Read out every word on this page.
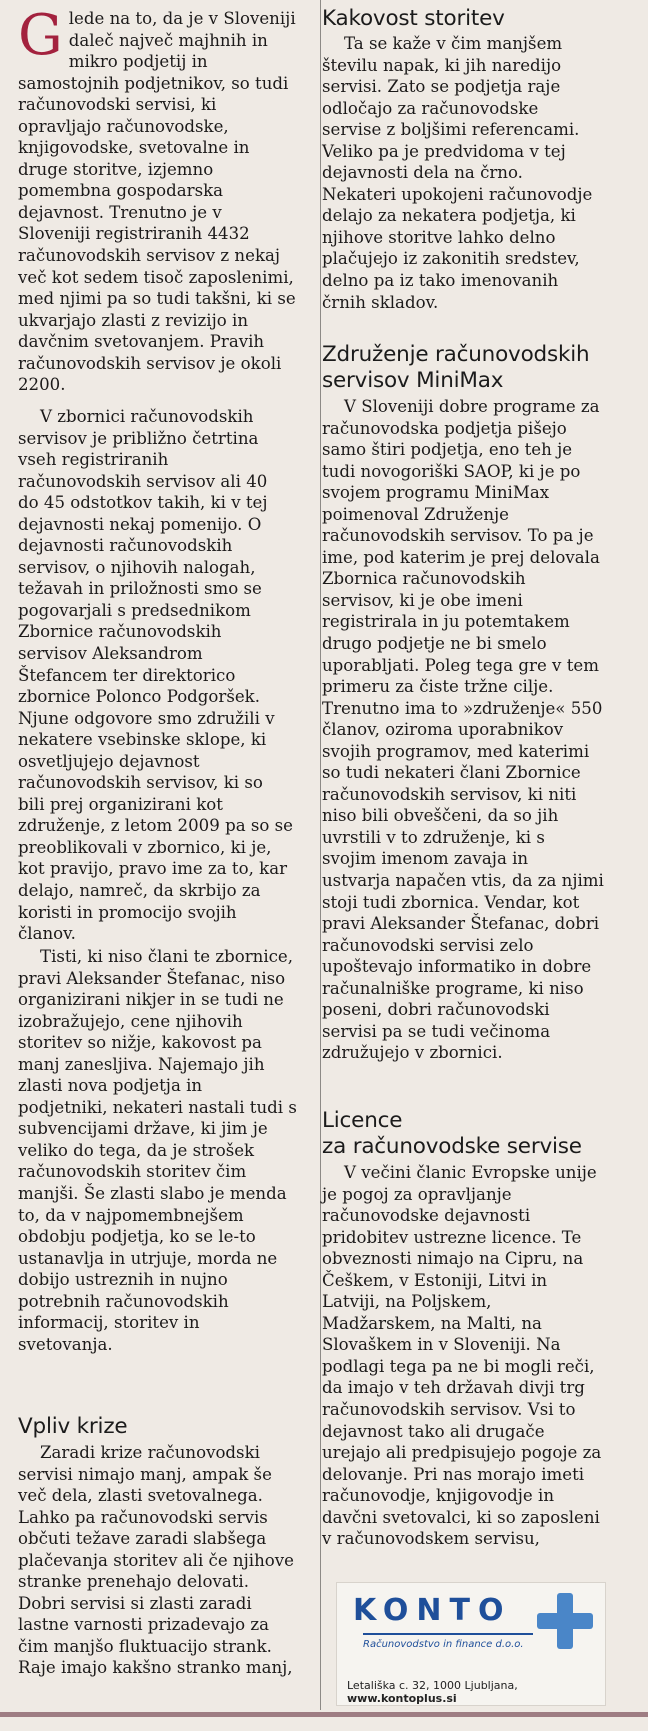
G lede na to, da je v Sloveniji
daleč največ majhnih in
mikro podjetij in
samostojnih podjetnikov, so tudi
računovodski servisi, ki
opravljajo računovodske,
knjigovodske, svetovalne in
druge storitve, izjemno
pomembna gospodarska
dejavnost. Trenutno je v
Sloveniji registriranih 4432
računovodskih servisov z nekaj
več kot sedem tisoč zaposlenimi,
med njimi pa so tudi takšni, ki se
ukvarjajo zlasti z revizijo in
davčnim svetovanjem. Pravih
računovodskih servisov je okoli
2200.

V zbornici računovodskih
servisov je približno četrtina
vseh registriranih
računovodskih servisov ali 40
do 45 odstotkov takih, ki v tej
dejavnosti nekaj pomenijo. O
dejavnosti računovodskih
servisov, o njihovih nalogah,
težavah in priložnosti smo se
pogovarjali s predsednikom
Zbornice računovodskih
servisov Aleksandrom
Štefancem ter direktorico
zbornice Polonco Podgoršek.
Njune odgovore smo združili v
nekatere vsebinske sklope, ki
osvetljujejo dejavnost
računovodskih servisov, ki so
bili prej organizirani kot
združenje, z letom 2009 pa so se
preoblikovali v zbornico, ki je,
kot pravijo, pravo ime za to, kar
delajo, namreč, da skrbijo za
koristi in promocijo svojih
članov.

Tisti, ki niso člani te zbornice,
pravi Aleksander Štefanac, niso
organizirani nikjer in se tudi ne
izobražujejo, cene njihovih
storitev so nižje, kakovost pa
manj zanesljiva. Najemajo jih
zlasti nova podjetja in
podjetniki, nekateri nastali tudi s
subvencijami države, ki jim je
veliko do tega, da je strošek
računovodskih storitev čim
manjši. Še zlasti slabo je menda
to, da v najpomembnejšem
obdobju podjetja, ko se le-to
ustanavlja in utrjuje, morda ne
dobijo ustreznih in nujno
potrebnih računovodskih
informacij, storitev in
svetovanja.

Vpliv krize

Zaradi krize računovodski
servisi nimajo manj, ampak še
več dela, zlasti svetovalnega.
Lahko pa računovodski servis
občuti težave zaradi slabšega
plačevanja storitev ali če njihove
stranke prenehajo delovati.
Dobri servisi si zlasti zaradi
lastne varnosti prizadevajo za
čim manjšo fluktuacijo strank.
Raje imajo kakšno stranko manj,

Kakovost storitev

Ta se kaže v čim manjšem
številu napak, ki jih naredijo
servisi. Zato se podjetja raje
odločajo za računovodske
servise z boljšimi referencami.
Veliko pa je predvidoma v tej
dejavnosti dela na črno.
Nekateri upokojeni računovodje
delajo za nekatera podjetja, ki
njihove storitve lahko delno
plačujejo iz zakonitih sredstev,
delno pa iz tako imenovanih
črnih skladov.

Združenje računovodskih
servisov MiniMax

V Sloveniji dobre programe za
računovodska podjetja pišejo
samo štiri podjetja, eno teh je
tudi novogoriški SAOP, ki je po
svojem programu MiniMax
poimenoval Združenje
računovodskih servisov. To pa je
ime, pod katerim je prej delovala
Zbornica računovodskih
servisov, ki je obe imeni
registrirala in ju potemtakem
drugo podjetje ne bi smelo
uporabljati. Poleg tega gre v tem
primeru za čiste tržne cilje.
Trenutno ima to »združenje« 550
članov, oziroma uporabnikov
svojih programov, med katerimi
so tudi nekateri člani Zbornice
računovodskih servisov, ki niti
niso bili obveščeni, da so jih
uvrstili v to združenje, ki s
svojim imenom zavaja in
ustvarja napačen vtis, da za njimi
stoji tudi zbornica. Vendar, kot
pravi Aleksander Štefanac, dobri
računovodski servisi zelo
upoštevajo informatiko in dobre
računalniške programe, ki niso
poseni, dobri računovodski
servisi pa se tudi večinoma
združujejo v zbornici.

Licence
za računovodske servise

V večini članic Evropske unije
je pogoj za opravljanje
računovodske dejavnosti
pridobitev ustrezne licence. Te
obveznosti nimajo na Cipru, na
Češkem, v Estoniji, Litvi in
Latviji, na Poljskem,
Madžarskem, na Malti, na
Slovaškem in v Sloveniji. Na
podlagi tega pa ne bi mogli reči,
da imajo v teh državah divji trg
računovodskih servisov. Vsi to
dejavnost tako ali drugače
urejajo ali predpisujejo pogoje za
delovanje. Pri nas morajo imeti
računovodje, knjigovodje in
davčni svetovalci, ki so zaposleni
v računovodskem servisu,

KONTO
Računovodstvo in finance d.o.o.
Letališka c. 32, 1000 Ljubljana, www.kontoplus.si
